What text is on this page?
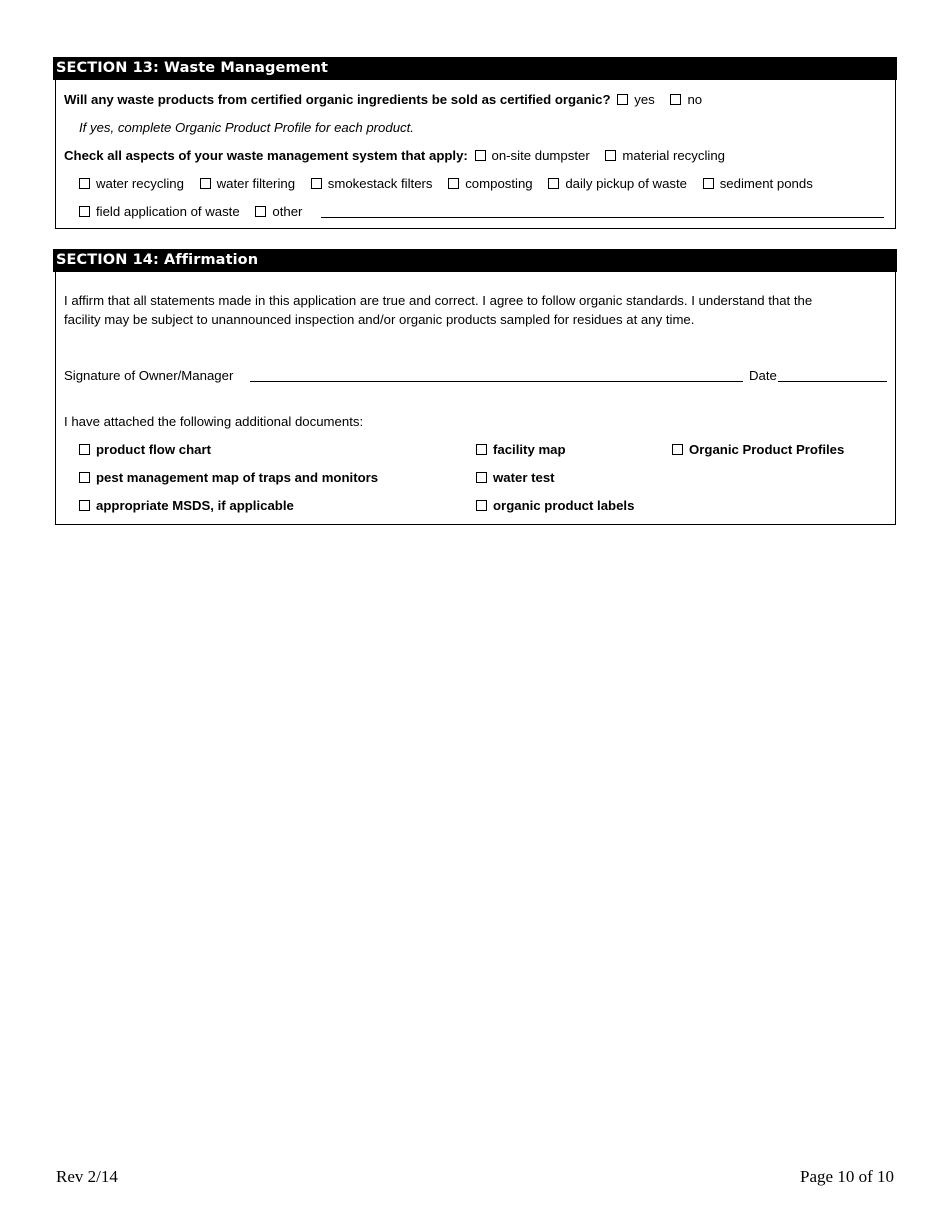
SECTION 13: Waste Management
Will any waste products from certified organic ingredients be sold as certified organic? yes no
If yes, complete Organic Product Profile for each product.
Check all aspects of your waste management system that apply: on-site dumpster material recycling
water recycling water filtering smokestack filters composting daily pickup of waste sediment ponds
field application of waste other
SECTION 14: Affirmation
I affirm that all statements made in this application are true and correct. I agree to follow organic standards. I understand that the
facility may be subject to unannounced inspection and/or organic products sampled for residues at any time.
Signature of Owner/Manager	Date
I have attached the following additional documents:
product flow chart
pest management map of traps and monitors
appropriate MSDS, if applicable
facility map
water test
organic product labels
Organic Product Profiles
Rev 2/14	Page 10 of 10
